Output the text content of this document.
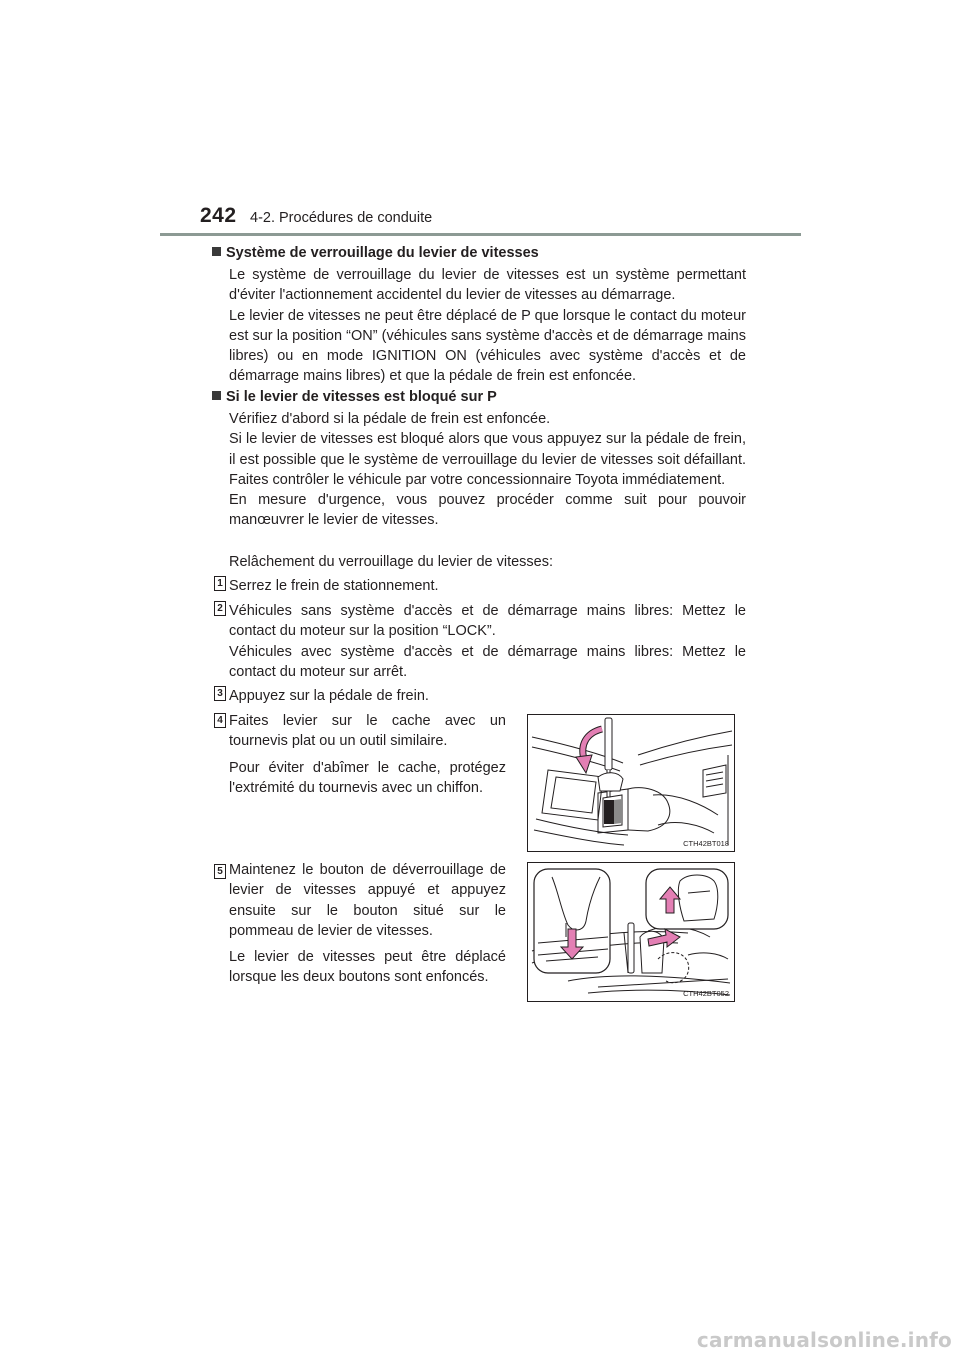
242 4-2. Procédures de conduite
Système de verrouillage du levier de vitesses

Le système de verrouillage du levier de vitesses est un système permettant d'éviter l'actionnement accidentel du levier de vitesses au démarrage.

Le levier de vitesses ne peut être déplacé de P que lorsque le contact du moteur est sur la position “ON” (véhicules sans système d'accès et de démarrage mains libres) ou en mode IGNITION ON (véhicules avec système d'accès et de démarrage mains libres) et que la pédale de frein est enfoncée.

Si le levier de vitesses est bloqué sur P

Vérifiez d'abord si la pédale de frein est enfoncée.

Si le levier de vitesses est bloqué alors que vous appuyez sur la pédale de frein, il est possible que le système de verrouillage du levier de vitesses soit défaillant. Faites contrôler le véhicule par votre concessionnaire Toyota immédiatement.

En mesure d'urgence, vous pouvez procéder comme suit pour pouvoir manœuvrer le levier de vitesses.

Relâchement du verrouillage du levier de vitesses:

1 Serrez le frein de stationnement.

2 Véhicules sans système d'accès et de démarrage mains libres: Mettez le contact du moteur sur la position “LOCK”.

Véhicules avec système d'accès et de démarrage mains libres: Mettez le contact du moteur sur arrêt.

3 Appuyez sur la pédale de frein.

4 Faites levier sur le cache avec un tournevis plat ou un outil similaire.

Pour éviter d'abîmer le cache, protégez l'extrémité du tournevis avec un chiffon.

CTH42BT018
5 Maintenez le bouton de déverrouillage de levier de vitesses appuyé et appuyez ensuite sur le bouton situé sur le pommeau de levier de vitesses.

Le levier de vitesses peut être déplacé lorsque les deux boutons sont enfoncés.

CTH42BT052
carmanualsonline.info
